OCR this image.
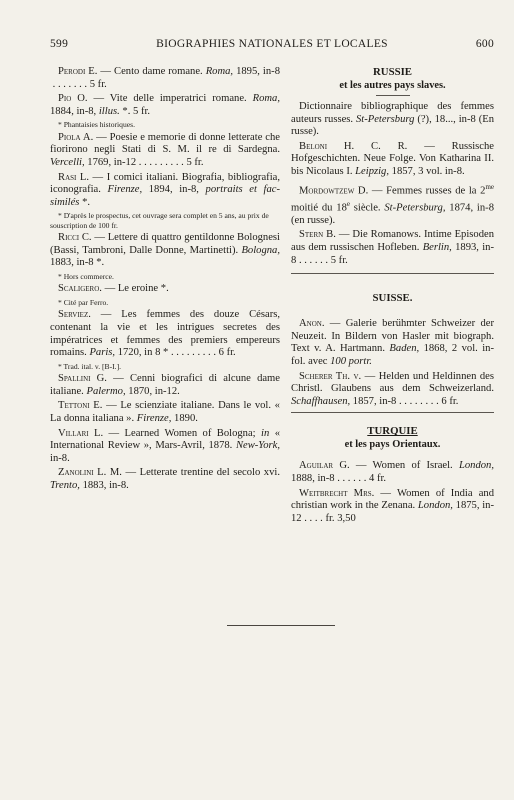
599	BIOGRAPHIES NATIONALES ET LOCALES	600

Perodi E. — Cento dame romane. Roma, 1895, in-8 . . . . . . . 5 fr.

Pio O. — Vite delle imperatrici romane. Roma, 1884, in-8, illus. *. 5 fr.

* Phantaisies historiques.

Piola A. — Poesie e memorie di donne letterate che fiorirono negli Stati di S. M. il re di Sardegna. Vercelli, 1769, in-12 . . . . . . . . . 5 fr.

Rasi L. — I comici italiani. Biografia, bibliografia, iconografia. Firenze, 1894, in-8, portraits et fac-similés *.

* D'après le prospectus, cet ouvrage sera complet en 5 ans, au prix de souscription de 100 fr.

Ricci C. — Lettere di quattro gentildonne Bolognesi (Bassi, Tambroni, Dalle Donne, Martinetti). Bologna, 1883, in-8 *.

* Hors commerce.

Scaligero. — Le eroine *.

* Cité par Ferro.

Serviez. — Les femmes des douze Césars, contenant la vie et les intrigues secretes des impératrices et femmes des premiers empereurs romains. Paris, 1720, in 8 * . . . . . . . . . 6 fr.

* Trad. ital. v. [B-I.].

Spallini G. — Cenni biografici di alcune dame italiane. Palermo, 1870, in-12.

Tettoni E. — Le scienziate italiane. Dans le vol. « La donna italiana ». Firenze, 1890.

Villari L. — Learned Women of Bologna; in « International Review », Mars-Avril, 1878. New-York, in-8.

Zanolini L. M. — Letterate trentine del secolo xvi. Trento, 1883, in-8.

RUSSIE

et les autres pays slaves.

Dictionnaire bibliographique des femmes auteurs russes. St-Petersburg (?), 18..., in-8 (En russe).

Beloni H. C. R. — Russische Hofgeschichten. Neue Folge. Von Katharina II. bis Nicolaus I. Leipzig, 1857, 3 vol. in-8.

Mordowtzew D. — Femmes russes de la $2^{me}$ moitié du 18e siècle. St-Petersburg, 1874, in-8 (en russe).

Stern B. — Die Romanows. Intime Episoden aus dem russischen Hofleben. Berlin, 1893, in-8 . . . . . . 5 fr.

SUISSE.

Anon. — Galerie berühmter Schweizer der Neuzeit. In Bildern von Hasler mit biograph. Text v. A. Hartmann. Baden, 1868, 2 vol. in-fol. avec 100 portr.

Scherer Th. v. — Helden und Heldinnen des Christl. Glaubens aus dem Schweizerland. Schaffhausen, 1857, in-8 . . . . . . . . 6 fr.

TURQUIE

et les pays Orientaux.

Aguilar G. — Women of Israel. London, 1888, in-8 . . . . . . 4 fr.

Weitbrecht Mrs. — Women of India and christian work in the Zenana. London, 1875, in-12 . . . . fr. 3,50
